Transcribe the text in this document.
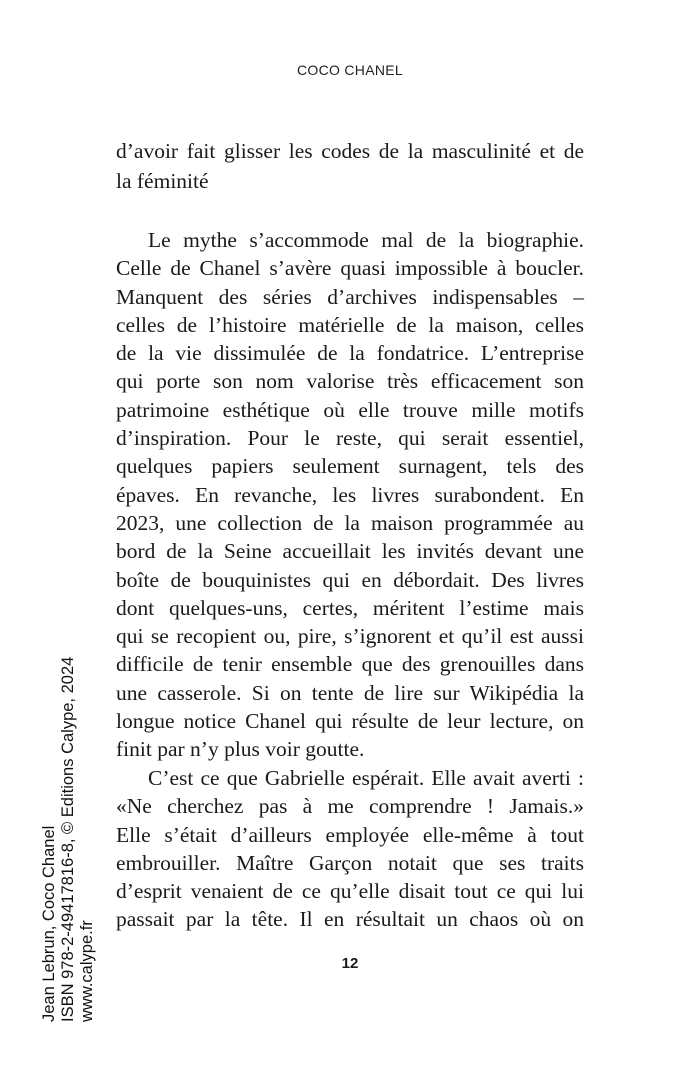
COCO CHANEL
d’avoir fait glisser les codes de la masculinité et de
la féminité
Le mythe s’accommode mal de la biographie.
Celle de Chanel s’avère quasi impossible à boucler.
Manquent des séries d’archives indispensables –
celles de l’histoire matérielle de la maison, celles
de la vie dissimulée de la fondatrice. L’entreprise
qui porte son nom valorise très efficacement son
patrimoine esthétique où elle trouve mille motifs
d’inspiration. Pour le reste, qui serait essentiel,
quelques papiers seulement surnagent, tels des
épaves. En revanche, les livres surabondent. En
2023, une collection de la maison programmée au
bord de la Seine accueillait les invités devant une
boîte de bouquinistes qui en débordait. Des livres
dont quelques-uns, certes, méritent l’estime mais
qui se recopient ou, pire, s’ignorent et qu’il est aussi
difficile de tenir ensemble que des grenouilles dans
une casserole. Si on tente de lire sur Wikipédia la
longue notice Chanel qui résulte de leur lecture, on
finit par n’y plus voir goutte.
C’est ce que Gabrielle espérait. Elle avait averti :
«Ne cherchez pas à me comprendre ! Jamais.»
Elle s’était d’ailleurs employée elle-même à tout
embrouiller. Maître Garçon notait que ses traits
d’esprit venaient de ce qu’elle disait tout ce qui lui
passait par la tête. Il en résultait un chaos où on
12
Jean Lebrun, Coco Chanel ISBN 978-2-49417816-8, © Editions Calype, 2024 www.calype.fr
